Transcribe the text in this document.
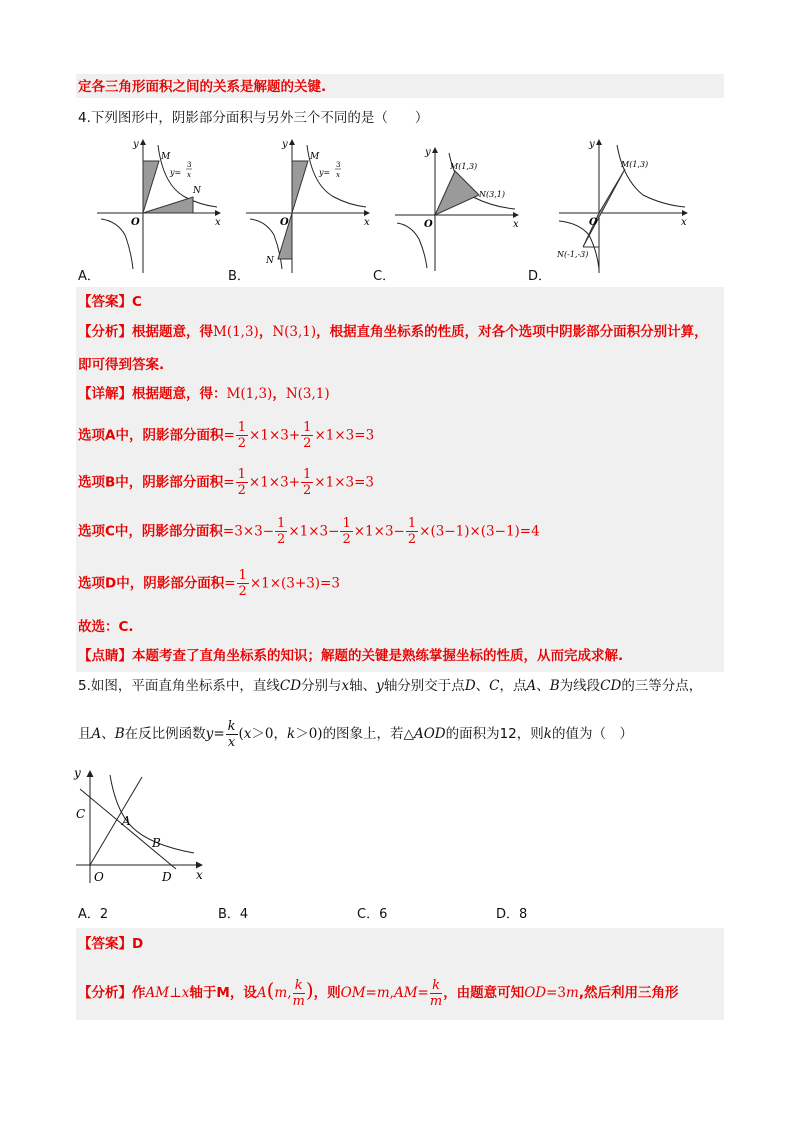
定各三角形面积之间的关系是解题的关键.
4.下列图形中，阴影部分面积与另外三个不同的是（　　）
y
x
O
M
N
y=
3
x
y
x
O
M
N
y=
3
x
y
x
O
M(1,3)
N(3,1)
y
x
O
M(1,3)
N(-1,-3)
A．	B．	C．	D．
【答案】C
【分析】根据题意，得M(1,3)，N(3,1)，根据直角坐标系的性质，对各个选项中阴影部分面积分别计算，
即可得到答案.
【详解】根据题意，得：M(1,3)，N(3,1)
选项A中，阴影部分面积= $\frac{1}{2} \times 1\times 3+ \frac{1}{2} \times 1\times 3=3$
选项B中，阴影部分面积= $\frac{1}{2} \times 1\times 3+ \frac{1}{2} \times 1\times 3=3$
选项C中，阴影部分面积$=3\times 3- \frac{1}{2} \times 1\times 3- \frac{1}{2} \times 1\times 3- \frac{1}{2} \times(3-1)\times(3-1)=4$
选项D中，阴影部分面积= $\frac{1}{2} \times 1\times(3+3)=3$
故选：C.
【点睛】本题考查了直角坐标系的知识；解题的关键是熟练掌握坐标的性质，从而完成求解.
5.如图，平面直角坐标系中，直线CD分别与x轴、y轴分别交于点D、C，点A、B为线段CD的三等分点，
且A、B在反比例函数$y= \frac{k}{x} (x>0$，k＞0)的图象上，若△AOD的面积为12，则k的值为（　）
y
x
O
C	A
B
D
A．2	B．4	C．6	D．8
【答案】D
【分析】作AM⊥x轴于M，设A(m, $\frac{k}{m}$ )，则$OM=m,AM= \frac{k}{m}$ ，由题意可知OD=3m,然后利用三角形
